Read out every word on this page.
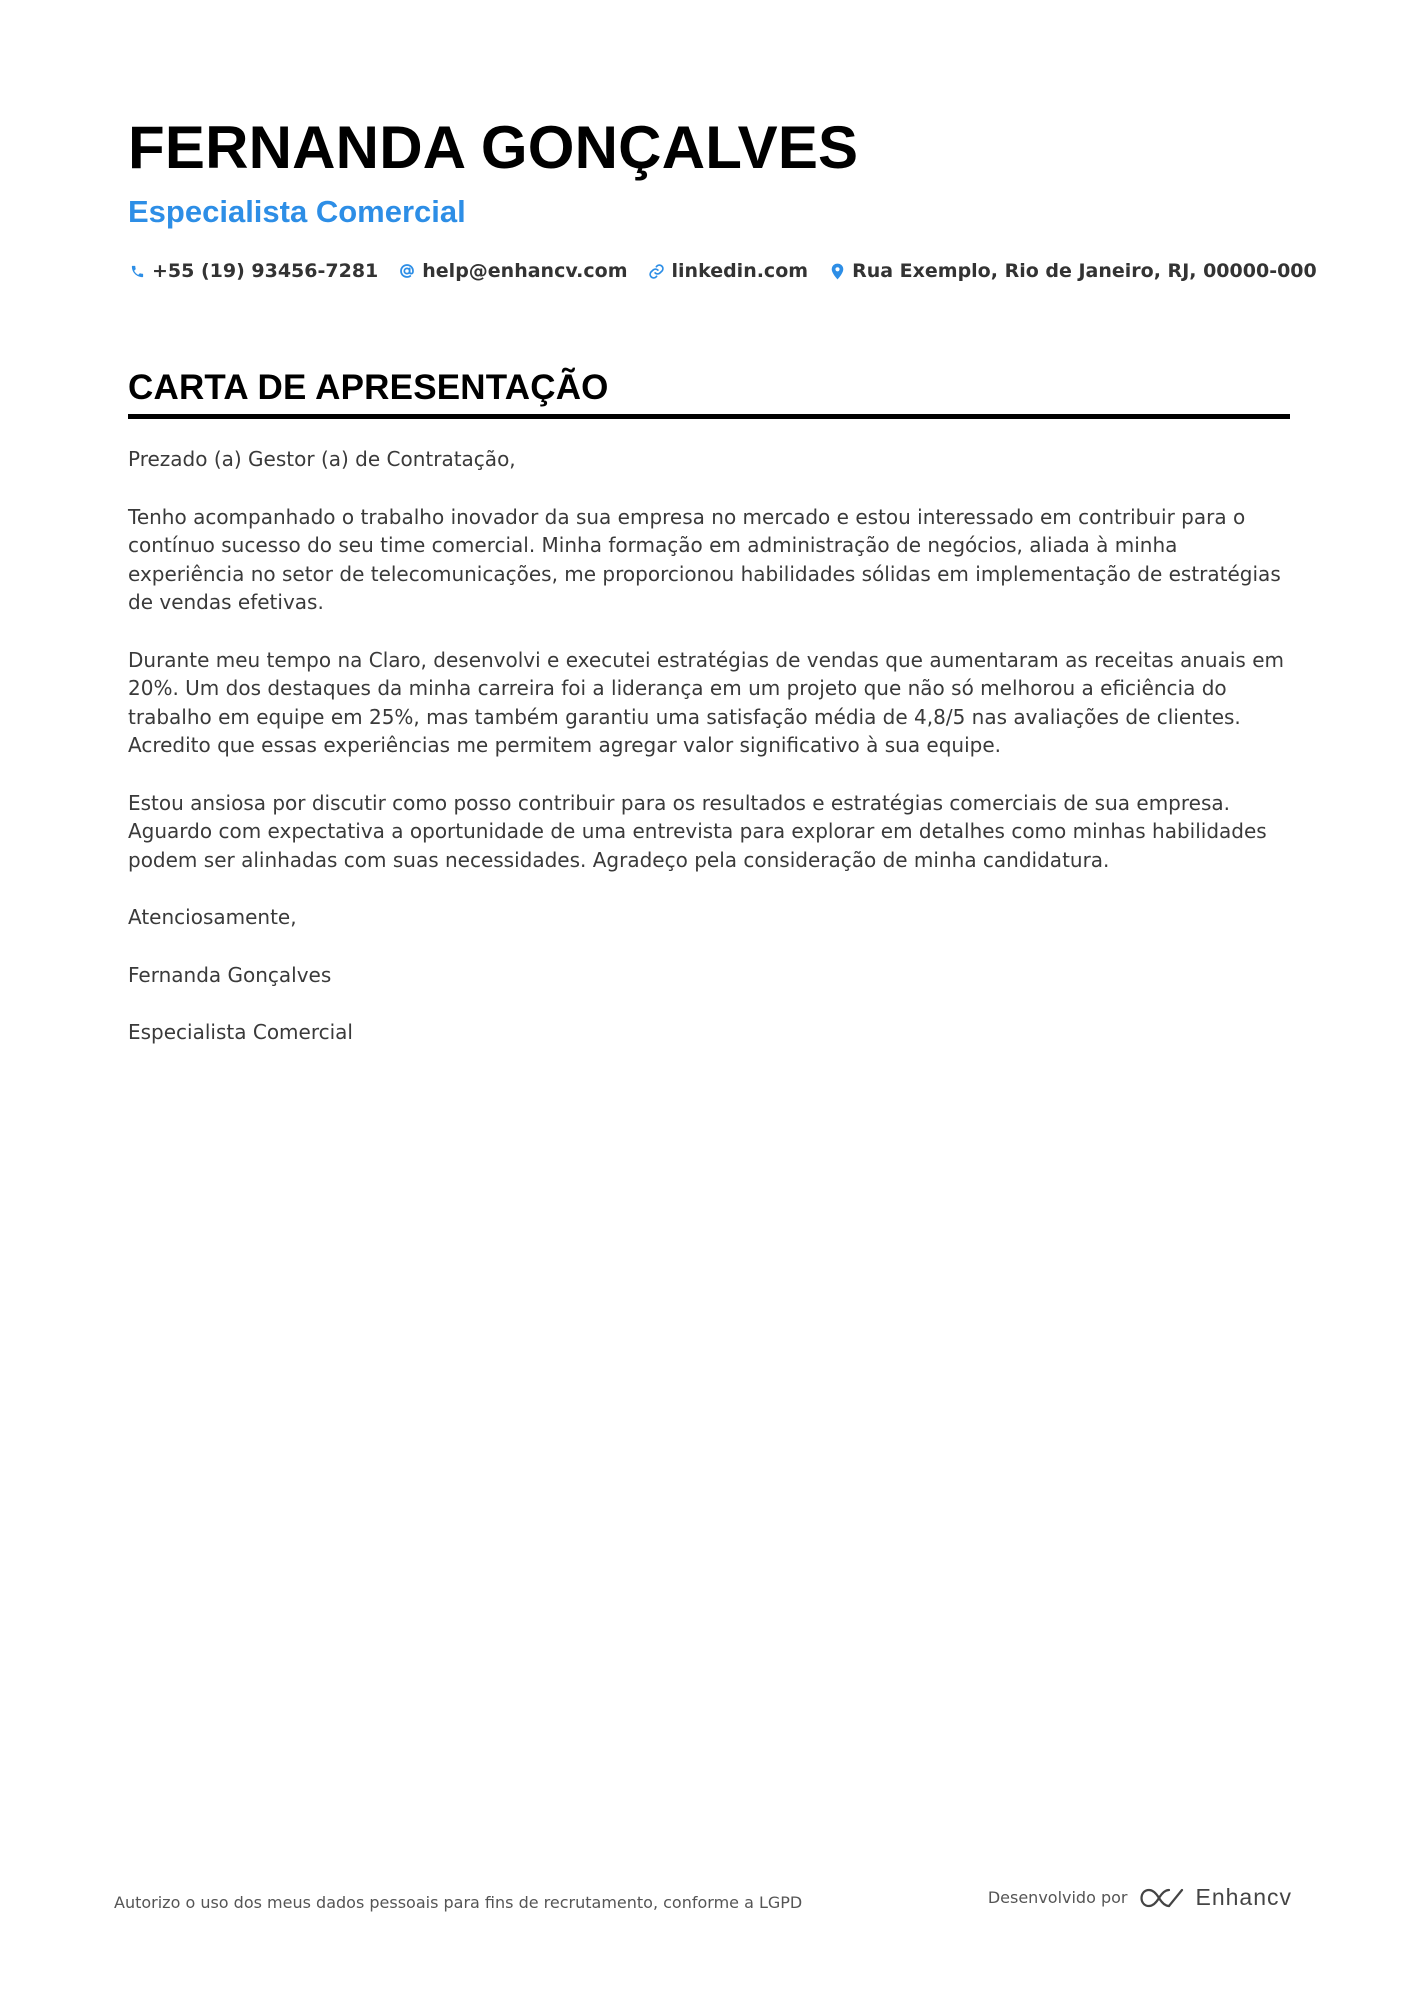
FERNANDA GONÇALVES
Especialista Comercial
+55 (19) 93456-7281 help@enhancv.com linkedin.com Rua Exemplo, Rio de Janeiro, RJ, 00000-000
CARTA DE APRESENTAÇÃO

Prezado (a) Gestor (a) de Contratação,

Tenho acompanhado o trabalho inovador da sua empresa no mercado e estou interessado em contribuir para o contínuo sucesso do seu time comercial. Minha formação em administração de negócios, aliada à minha experiência no setor de telecomunicações, me proporcionou habilidades sólidas em implementação de estratégias de vendas efetivas.

Durante meu tempo na Claro, desenvolvi e executei estratégias de vendas que aumentaram as receitas anuais em 20%. Um dos destaques da minha carreira foi a liderança em um projeto que não só melhorou a eficiência do trabalho em equipe em 25%, mas também garantiu uma satisfação média de 4,8/5 nas avaliações de clientes. Acredito que essas experiências me permitem agregar valor significativo à sua equipe.

Estou ansiosa por discutir como posso contribuir para os resultados e estratégias comerciais de sua empresa. Aguardo com expectativa a oportunidade de uma entrevista para explorar em detalhes como minhas habilidades podem ser alinhadas com suas necessidades. Agradeço pela consideração de minha candidatura.

Atenciosamente,

Fernanda Gonçalves

Especialista Comercial

Autorizo o uso dos meus dados pessoais para fins de recrutamento, conforme a LGPD	Desenvolvido por	Enhancv
